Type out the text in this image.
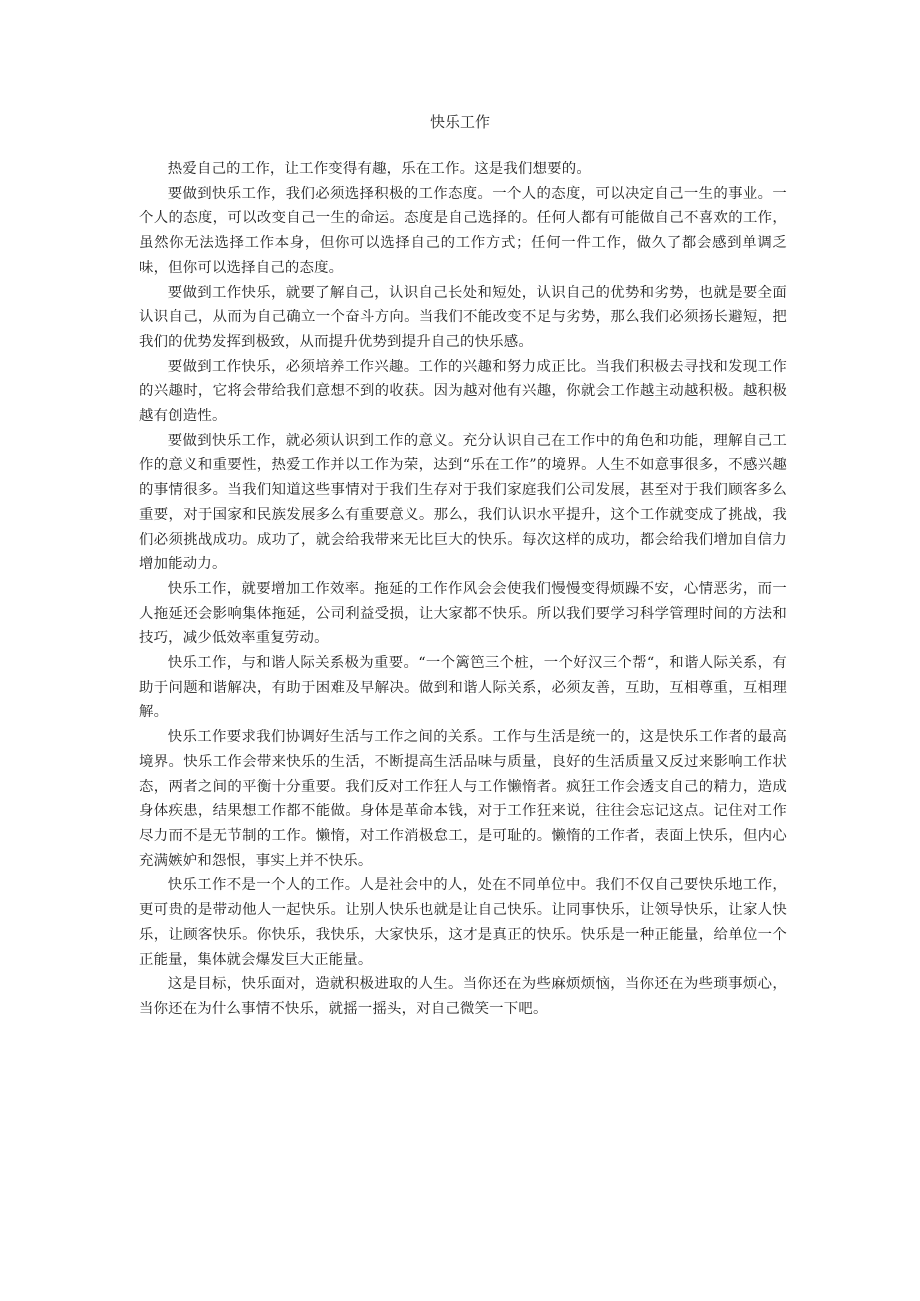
快乐工作

热爱自己的工作，让工作变得有趣，乐在工作。这是我们想要的。

要做到快乐工作，我们必须选择积极的工作态度。一个人的态度，可以决定自己一生的事业。一个人的态度，可以改变自己一生的命运。态度是自己选择的。任何人都有可能做自己不喜欢的工作，虽然你无法选择工作本身，但你可以选择自己的工作方式；任何一件工作，做久了都会感到单调乏味，但你可以选择自己的态度。

要做到工作快乐，就要了解自己，认识自己长处和短处，认识自己的优势和劣势，也就是要全面认识自己，从而为自己确立一个奋斗方向。当我们不能改变不足与劣势，那么我们必须扬长避短，把我们的优势发挥到极致，从而提升优势到提升自己的快乐感。

要做到工作快乐，必须培养工作兴趣。工作的兴趣和努力成正比。当我们积极去寻找和发现工作的兴趣时，它将会带给我们意想不到的收获。因为越对他有兴趣，你就会工作越主动越积极。越积极越有创造性。

要做到快乐工作，就必须认识到工作的意义。充分认识自己在工作中的角色和功能，理解自己工作的意义和重要性，热爱工作并以工作为荣，达到“乐在工作”的境界。人生不如意事很多，不感兴趣的事情很多。当我们知道这些事情对于我们生存对于我们家庭我们公司发展，甚至对于我们顾客多么重要，对于国家和民族发展多么有重要意义。那么，我们认识水平提升，这个工作就变成了挑战，我们必须挑战成功。成功了，就会给我带来无比巨大的快乐。每次这样的成功，都会给我们增加自信力增加能动力。

快乐工作，就要增加工作效率。拖延的工作作风会会使我们慢慢变得烦躁不安，心情恶劣，而一人拖延还会影响集体拖延，公司利益受损，让大家都不快乐。所以我们要学习科学管理时间的方法和技巧，减少低效率重复劳动。

快乐工作，与和谐人际关系极为重要。“一个篱笆三个桩，一个好汉三个帮“，和谐人际关系，有助于问题和谐解决，有助于困难及早解决。做到和谐人际关系，必须友善，互助，互相尊重，互相理解。

快乐工作要求我们协调好生活与工作之间的关系。工作与生活是统一的，这是快乐工作者的最高境界。快乐工作会带来快乐的生活，不断提高生活品味与质量，良好的生活质量又反过来影响工作状态，两者之间的平衡十分重要。我们反对工作狂人与工作懒惰者。疯狂工作会透支自己的精力，造成身体疾患，结果想工作都不能做。身体是革命本钱，对于工作狂来说，往往会忘记这点。记住对工作尽力而不是无节制的工作。懒惰，对工作消极怠工，是可耻的。懒惰的工作者，表面上快乐，但内心充满嫉妒和怨恨，事实上并不快乐。

快乐工作不是一个人的工作。人是社会中的人，处在不同单位中。我们不仅自己要快乐地工作，更可贵的是带动他人一起快乐。让别人快乐也就是让自己快乐。让同事快乐，让领导快乐，让家人快乐，让顾客快乐。你快乐，我快乐，大家快乐，这才是真正的快乐。快乐是一种正能量，给单位一个正能量，集体就会爆发巨大正能量。

这是目标，快乐面对，造就积极进取的人生。当你还在为些麻烦烦恼，当你还在为些琐事烦心，当你还在为什么事情不快乐，就摇一摇头，对自己微笑一下吧。
